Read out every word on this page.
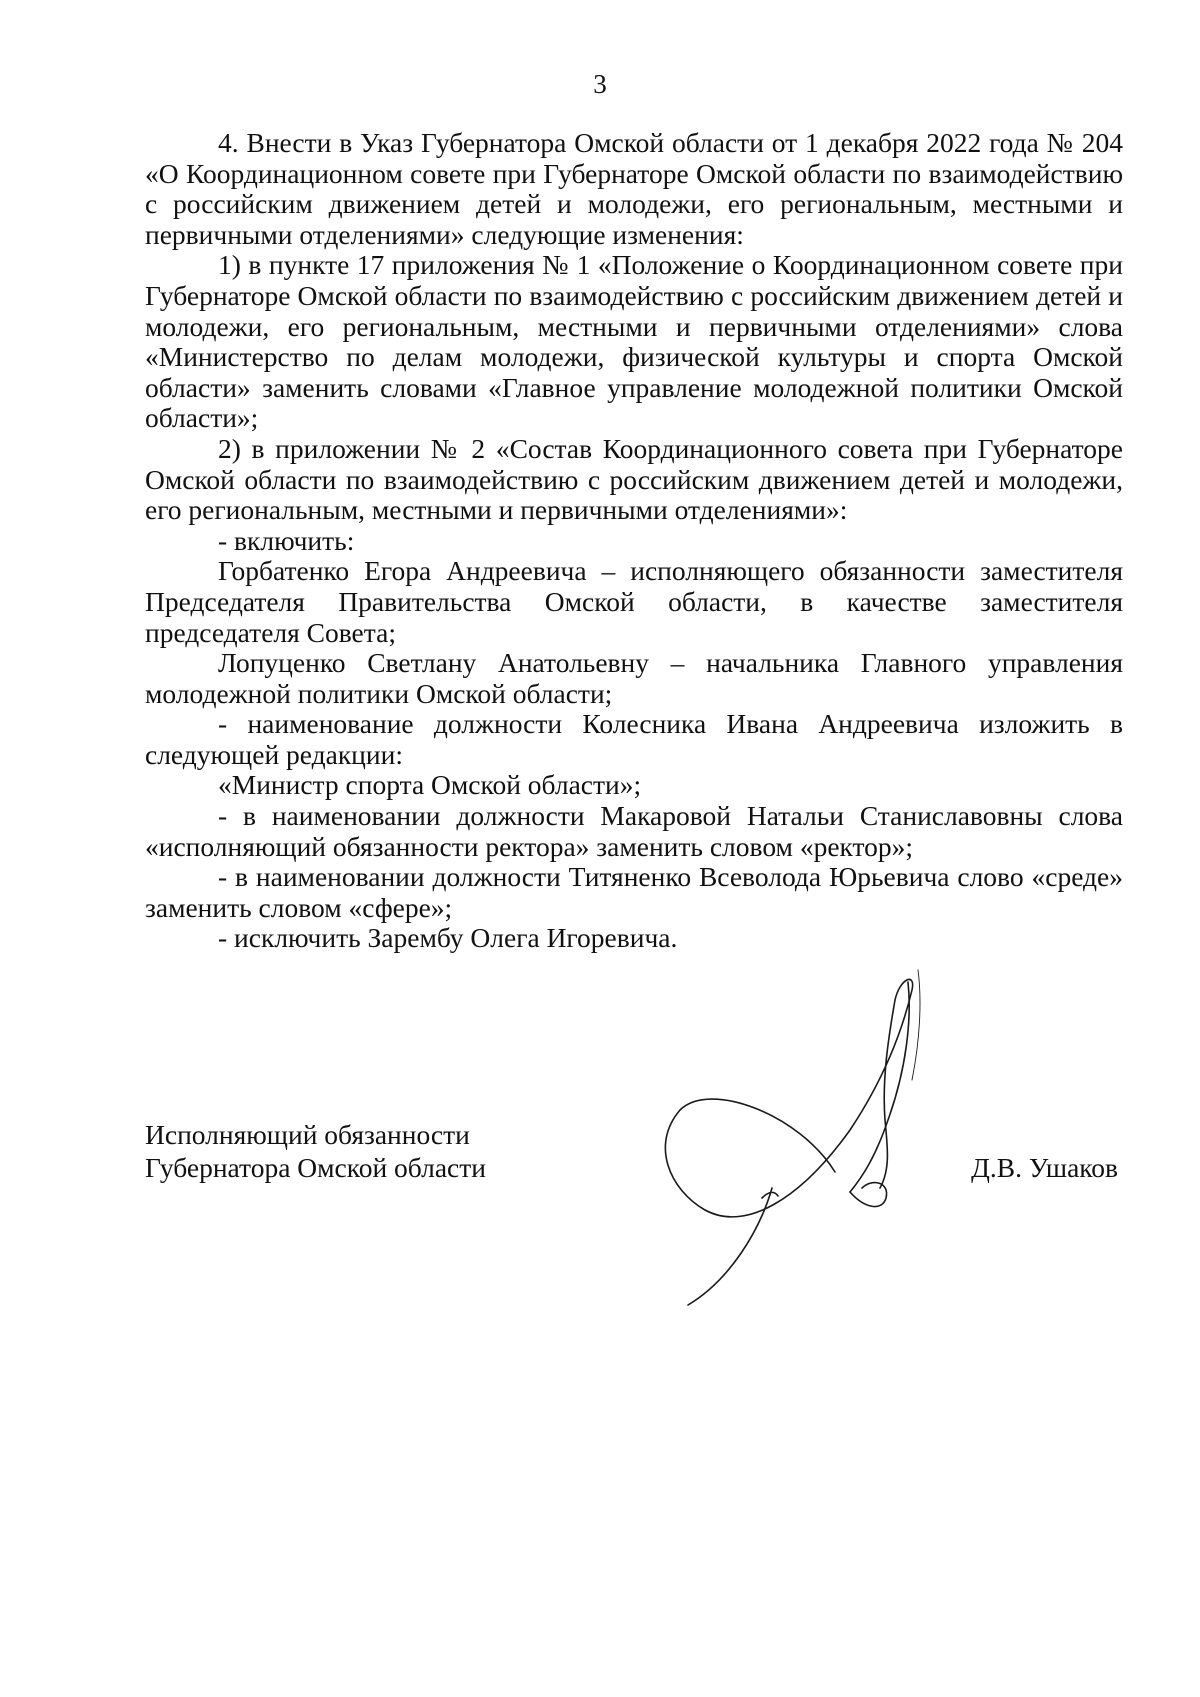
3

4. Внести в Указ Губернатора Омской области от 1 декабря 2022 года № 204 «О Координационном совете при Губернаторе Омской области по взаимодействию с российским движением детей и молодежи, его региональным, местными и первичными отделениями» следующие изменения:

1) в пункте 17 приложения № 1 «Положение о Координационном совете при Губернаторе Омской области по взаимодействию с российским движением детей и молодежи, его региональным, местными и первичными отделениями» слова «Министерство по делам молодежи, физической культуры и спорта Омской области» заменить словами «Главное управление молодежной политики Омской области»;

2) в приложении № 2 «Состав Координационного совета при Губернаторе Омской области по взаимодействию с российским движением детей и молодежи, его региональным, местными и первичными отделениями»:

- включить:

Горбатенко Егора Андреевича – исполняющего обязанности заместителя Председателя Правительства Омской области, в качестве заместителя председателя Совета;

Лопуценко Светлану Анатольевну – начальника Главного управления молодежной политики Омской области;

- наименование должности Колесника Ивана Андреевича изложить в следующей редакции:

«Министр спорта Омской области»;

- в наименовании должности Макаровой Натальи Станиславовны слова «исполняющий обязанности ректора» заменить словом «ректор»;

- в наименовании должности Титяненко Всеволода Юрьевича слово «среде» заменить словом «сфере»;

- исключить Зарембу Олега Игоревича.

Исполняющий обязанности
Губернатора Омской области	Д.В. Ушаков
